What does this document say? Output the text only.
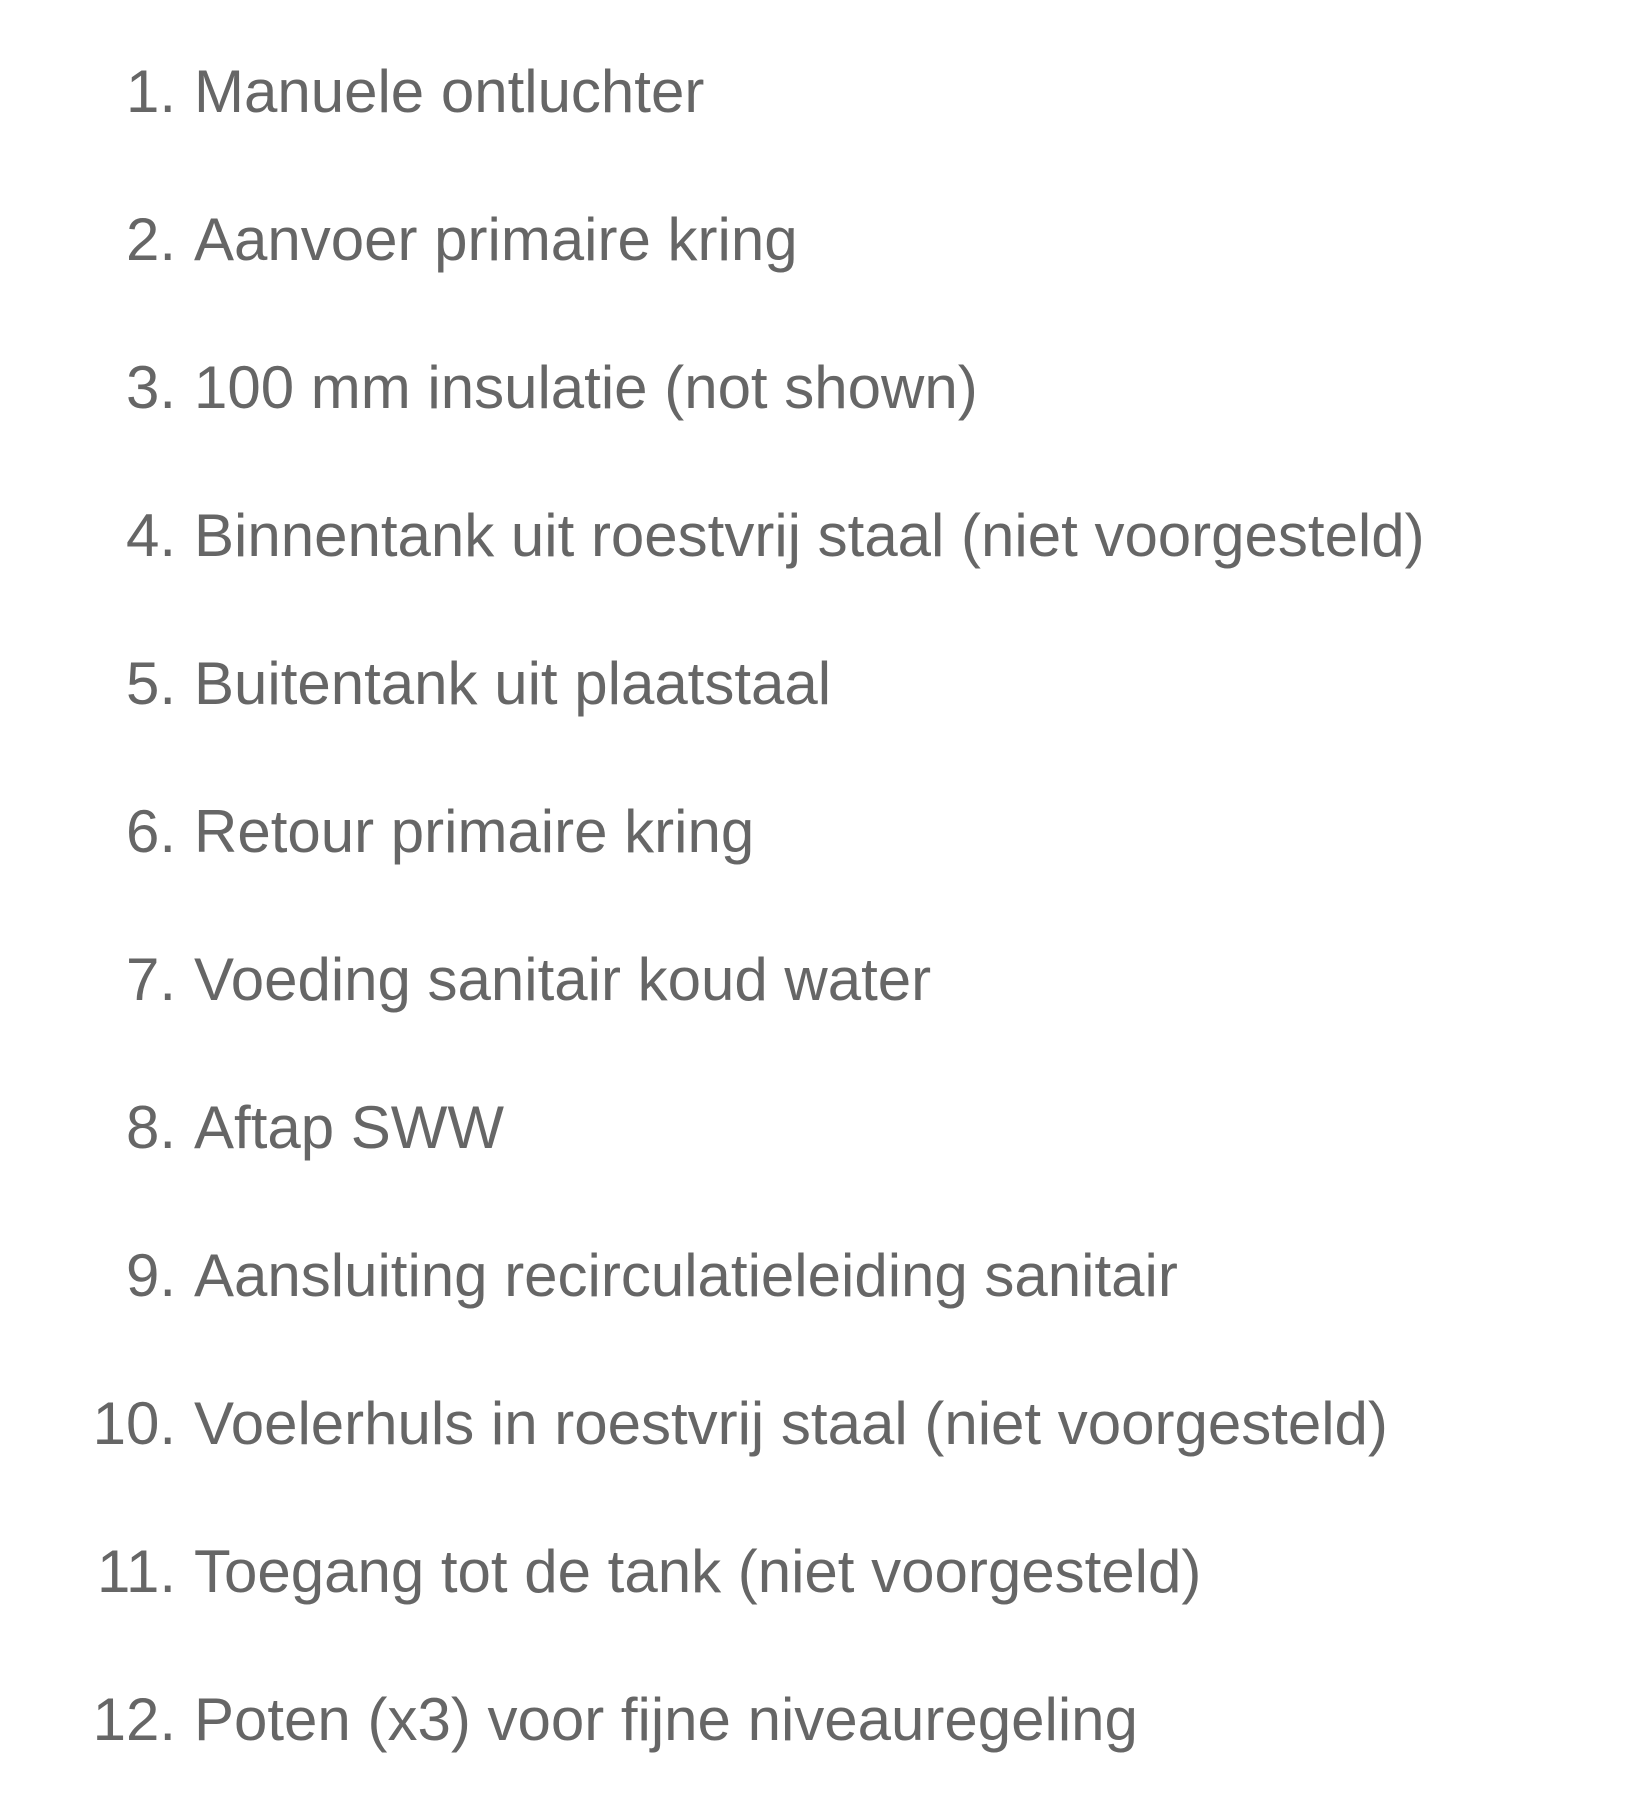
1. Manuele ontluchter
2. Aanvoer primaire kring
3. 100 mm insulatie (not shown)
4. Binnentank uit roestvrij staal (niet voorgesteld)
5. Buitentank uit plaatstaal
6. Retour primaire kring
7. Voeding sanitair koud water
8. Aftap SWW
9. Aansluiting recirculatieleiding sanitair
10. Voelerhuls in roestvrij staal (niet voorgesteld)
11. Toegang tot de tank (niet voorgesteld)
12. Poten (x3) voor fijne niveauregeling
